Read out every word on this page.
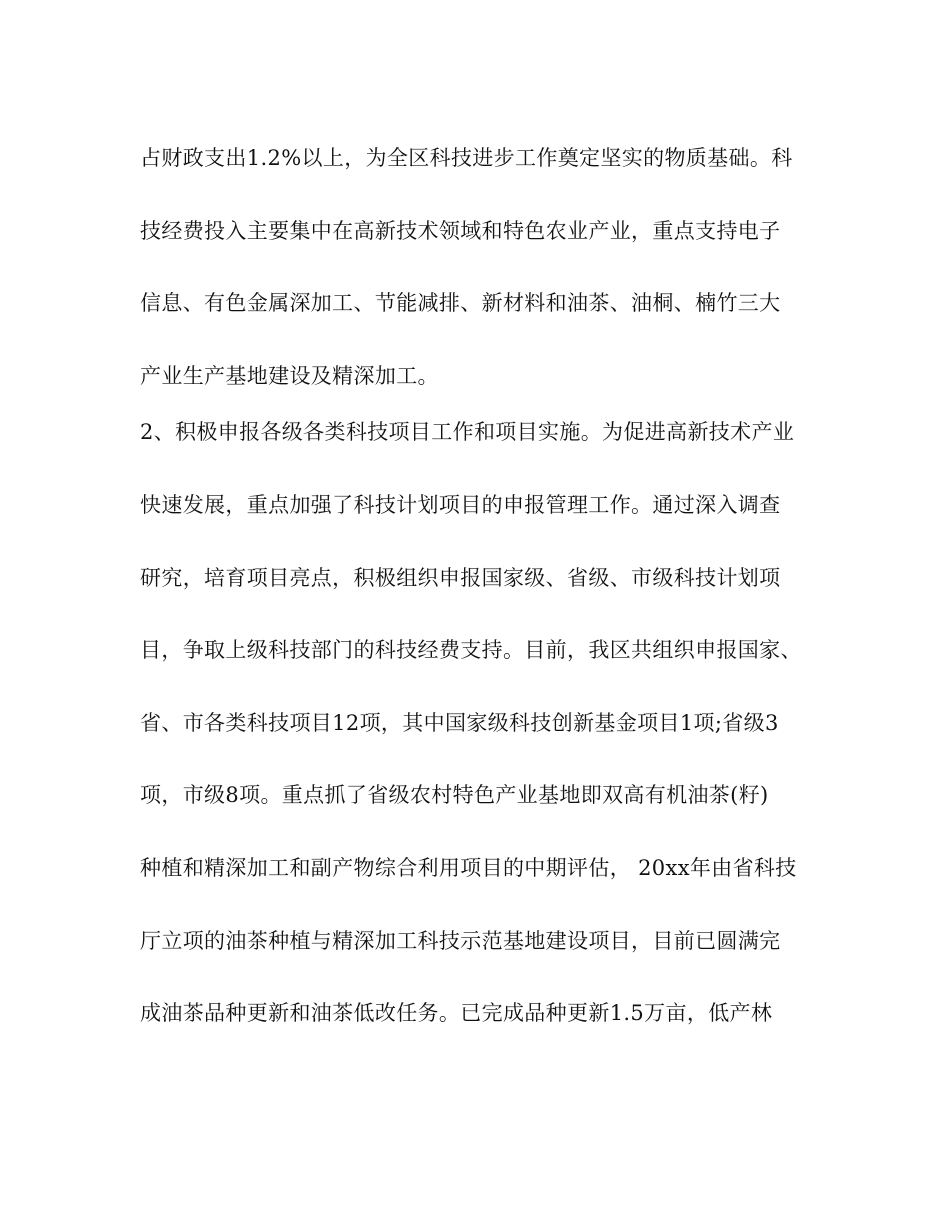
占财政支出1.2%以上，为全区科技进步工作奠定坚实的物质基础。科
技经费投入主要集中在高新技术领域和特色农业产业，重点支持电子
信息、有色金属深加工、节能减排、新材料和油茶、油桐、楠竹三大
产业生产基地建设及精深加工。
2、积极申报各级各类科技项目工作和项目实施。为促进高新技术产业
快速发展，重点加强了科技计划项目的申报管理工作。通过深入调查
研究，培育项目亮点，积极组织申报国家级、省级、市级科技计划项
目，争取上级科技部门的科技经费支持。目前，我区共组织申报国家、
省、市各类科技项目12项，其中国家级科技创新基金项目1项;省级3
项，市级8项。重点抓了省级农村特色产业基地即双高有机油茶(籽)
种植和精深加工和副产物综合利用项目的中期评估， 20xx年由省科技
厅立项的油茶种植与精深加工科技示范基地建设项目，目前已圆满完
成油茶品种更新和油茶低改任务。已完成品种更新1.5万亩，低产林
